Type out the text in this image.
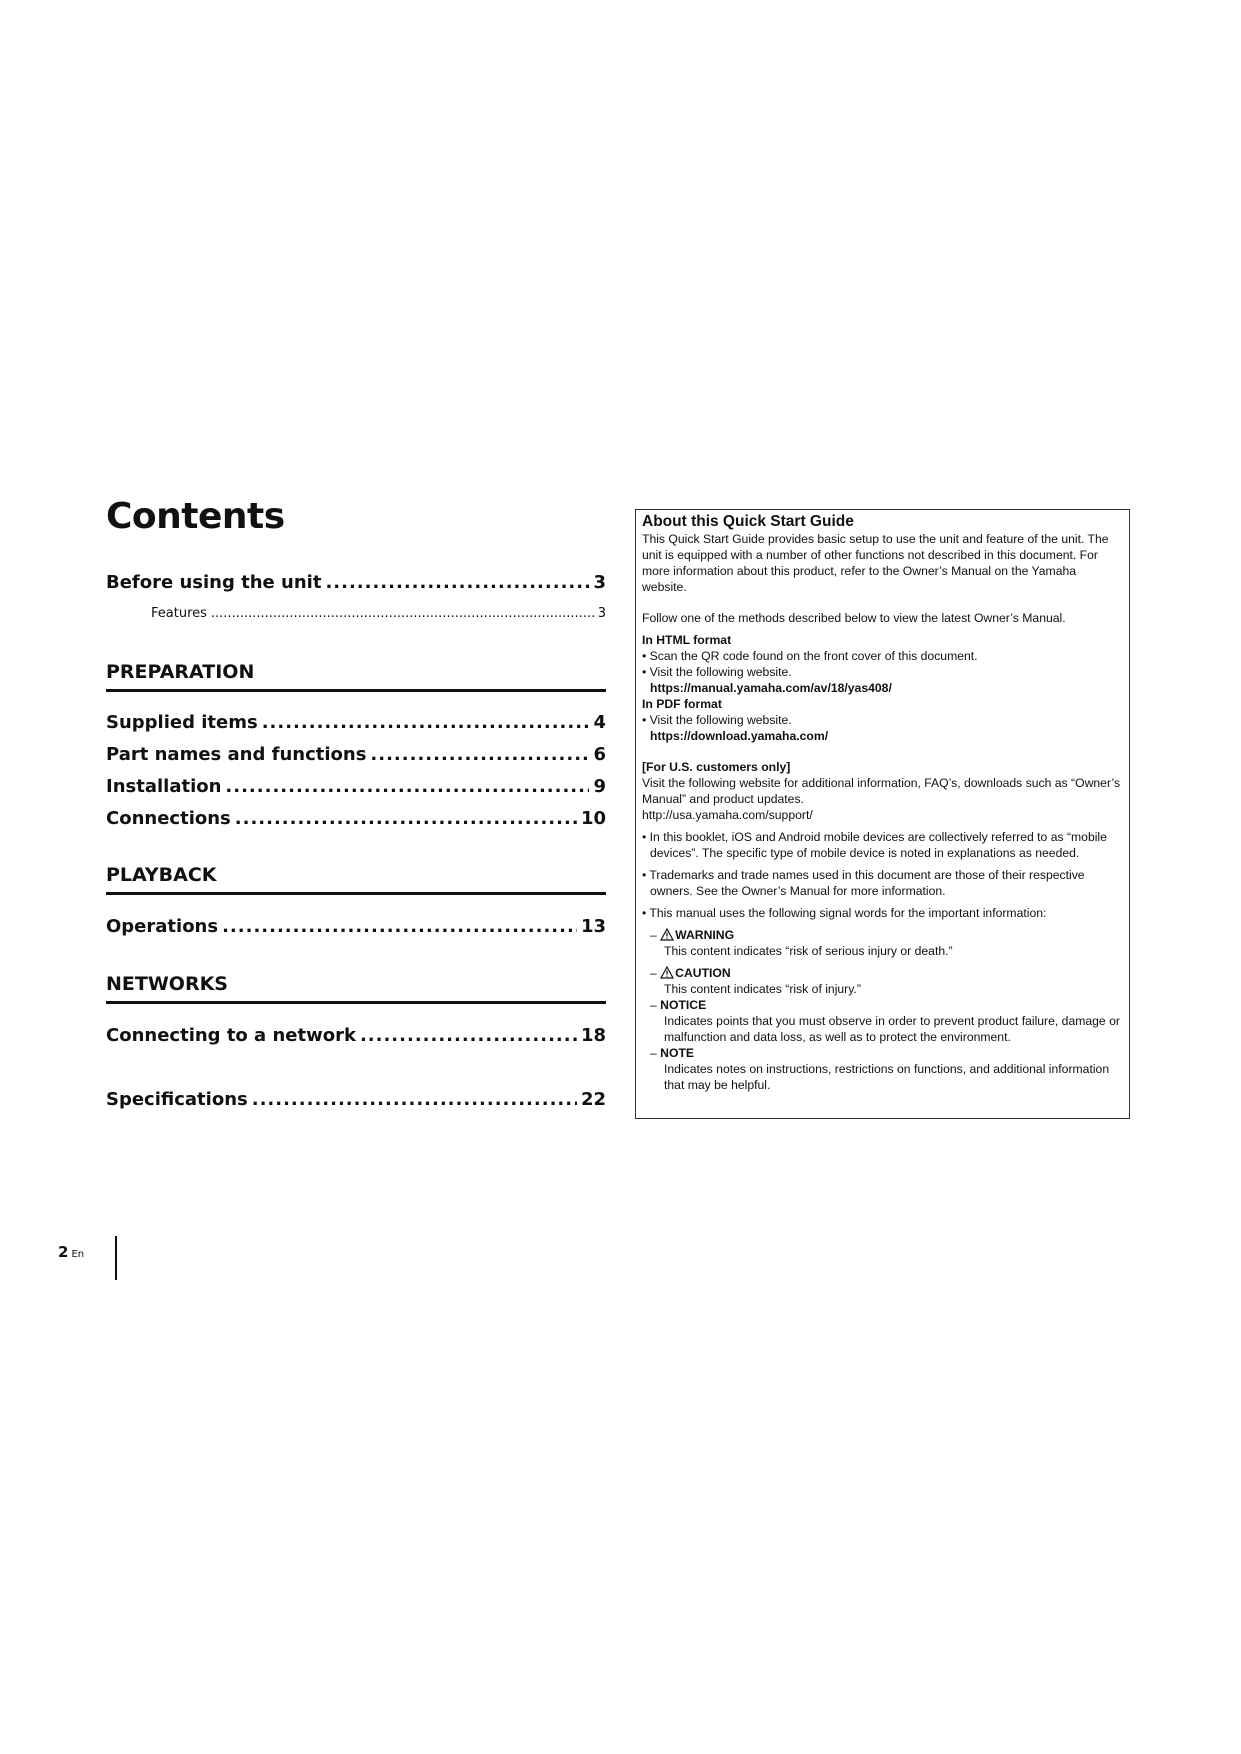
Contents
Before using the unit .....	3
Features .....	3
PREPARATION
Supplied items .....	4
Part names and functions .....	6
Installation .....	9
Connections .....	10
PLAYBACK
Operations .....	13
NETWORKS
Connecting to a network .....	18
Specifications .....	22
2 En

About this Quick Start Guide

This Quick Start Guide provides basic setup to use the unit and feature of the unit. The unit is equipped with a number of other functions not described in this document. For more information about this product, refer to the Owner’s Manual on the Yamaha website.

Follow one of the methods described below to view the latest Owner’s Manual.

In HTML format

• Scan the QR code found on the front cover of this document.

• Visit the following website.

https://manual.yamaha.com/av/18/yas408/

In PDF format

• Visit the following website.

https://download.yamaha.com/

[For U.S. customers only]

Visit the following website for additional information, FAQ’s, downloads such as “Owner’s Manual” and product updates.

http://usa.yamaha.com/support/

• In this booklet, iOS and Android mobile devices are collectively referred to as “mobile devices”. The specific type of mobile device is noted in explanations as needed.

• Trademarks and trade names used in this document are those of their respective owners. See the Owner’s Manual for more information.

• This manual uses the following signal words for the important information:

– WARNING

This content indicates “risk of serious injury or death.”

– CAUTION

This content indicates “risk of injury.”

– NOTICE

Indicates points that you must observe in order to prevent product failure, damage or malfunction and data loss, as well as to protect the environment.

– NOTE

Indicates notes on instructions, restrictions on functions, and additional information that may be helpful.
